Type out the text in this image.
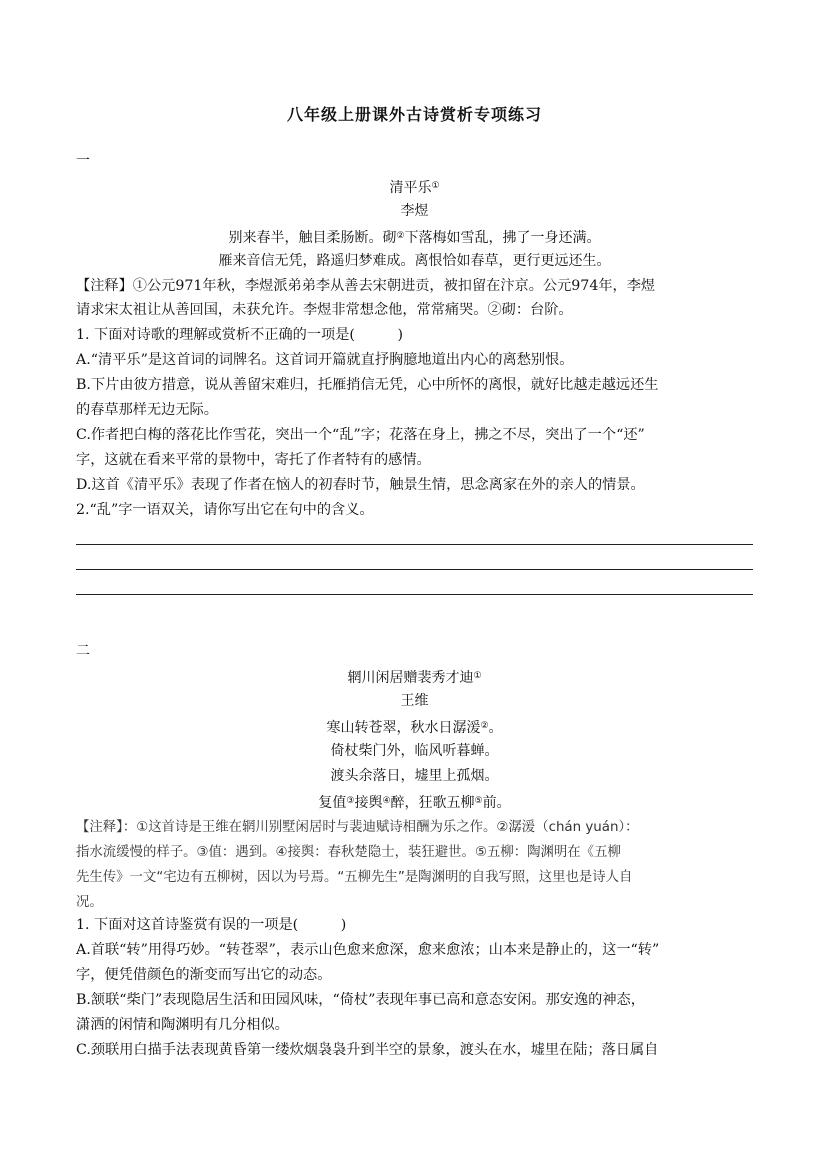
八年级上册课外古诗赏析专项练习
一
清平乐①
李煜
别来春半，触目柔肠断。砌②下落梅如雪乱，拂了一身还满。
雁来音信无凭，路遥归梦难成。离恨恰如春草，更行更远还生。
【注释】①公元971年秋，李煜派弟弟李从善去宋朝进贡，被扣留在汴京。公元974年，李煜
请求宋太祖让从善回国，未获允许。李煜非常想念他，常常痛哭。②砌：台阶。
1. 下面对诗歌的理解或赏析不正确的一项是(　　　)
A.“清平乐”是这首词的词牌名。这首词开篇就直抒胸臆地道出内心的离愁别恨。
B.下片由彼方措意，说从善留宋难归，托雁捎信无凭，心中所怀的离恨，就好比越走越远还生
的春草那样无边无际。
C.作者把白梅的落花比作雪花，突出一个“乱”字；花落在身上，拂之不尽，突出了一个“还”
字，这就在看来平常的景物中，寄托了作者特有的感情。
D.这首《清平乐》表现了作者在恼人的初春时节，触景生情，思念离家在外的亲人的情景。
2.“乱”字一语双关，请你写出它在句中的含义。
二
辋川闲居赠裴秀才迪①
王维
寒山转苍翠，秋水日潺湲②。
倚杖柴门外，临风听暮蝉。
渡头余落日，墟里上孤烟。
复值③接舆④醉，狂歌五柳⑤前。
【注释】：①这首诗是王维在辋川别墅闲居时与裴迪赋诗相酬为乐之作。②潺湲（chán yuán）：
指水流缓慢的样子。③值：遇到。④接舆：春秋楚隐士，装狂避世。⑤五柳：陶渊明在《五柳
先生传》一文“宅边有五柳树，因以为号焉。“五柳先生”是陶渊明的自我写照，这里也是诗人自
况。
1. 下面对这首诗鉴赏有误的一项是(　　　)
A.首联“转”用得巧妙。“转苍翠”，表示山色愈来愈深，愈来愈浓；山本来是静止的，这一“转”
字，便凭借颜色的渐变而写出它的动态。
B.颔联“柴门”表现隐居生活和田园风味，“倚杖”表现年事已高和意态安闲。那安逸的神态，
潇洒的闲情和陶渊明有几分相似。
C.颈联用白描手法表现黄昏第一缕炊烟袅袅升到半空的景象，渡头在水，墟里在陆；落日属自
